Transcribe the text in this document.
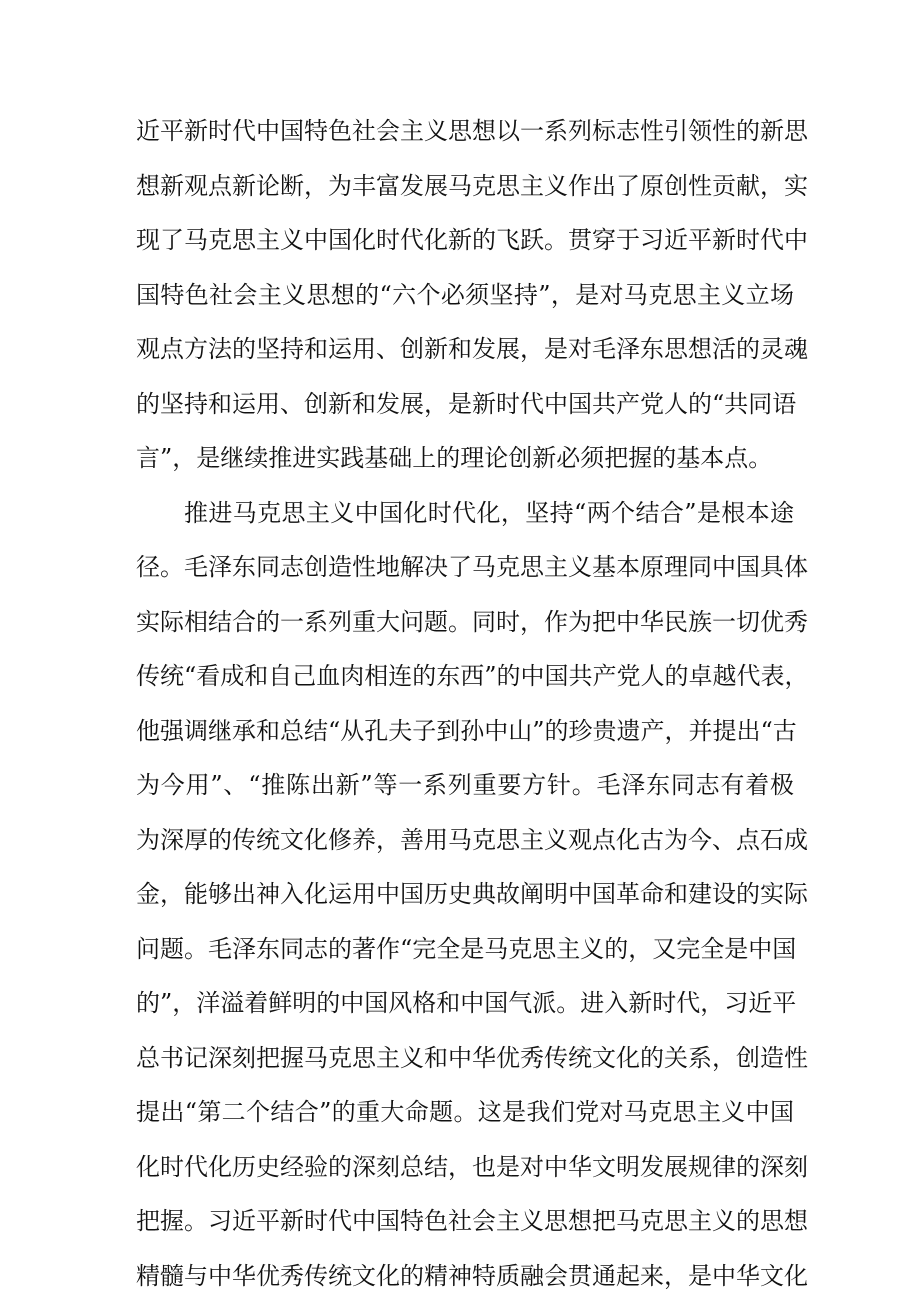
近平新时代中国特色社会主义思想以一系列标志性引领性的新思
想新观点新论断，为丰富发展马克思主义作出了原创性贡献，实
现了马克思主义中国化时代化新的飞跃。贯穿于习近平新时代中
国特色社会主义思想的“六个必须坚持”，是对马克思主义立场
观点方法的坚持和运用、创新和发展，是对毛泽东思想活的灵魂
的坚持和运用、创新和发展，是新时代中国共产党人的“共同语
言”，是继续推进实践基础上的理论创新必须把握的基本点。
推进马克思主义中国化时代化，坚持“两个结合”是根本途
径。毛泽东同志创造性地解决了马克思主义基本原理同中国具体
实际相结合的一系列重大问题。同时，作为把中华民族一切优秀
传统“看成和自己血肉相连的东西”的中国共产党人的卓越代表，
他强调继承和总结“从孔夫子到孙中山”的珍贵遗产，并提出“古
为今用”、“推陈出新”等一系列重要方针。毛泽东同志有着极
为深厚的传统文化修养，善用马克思主义观点化古为今、点石成
金，能够出神入化运用中国历史典故阐明中国革命和建设的实际
问题。毛泽东同志的著作“完全是马克思主义的，又完全是中国
的”，洋溢着鲜明的中国风格和中国气派。进入新时代，习近平
总书记深刻把握马克思主义和中华优秀传统文化的关系，创造性
提出“第二个结合”的重大命题。这是我们党对马克思主义中国
化时代化历史经验的深刻总结，也是对中华文明发展规律的深刻
把握。习近平新时代中国特色社会主义思想把马克思主义的思想
精髓与中华优秀传统文化的精神特质融会贯通起来，是中华文化
